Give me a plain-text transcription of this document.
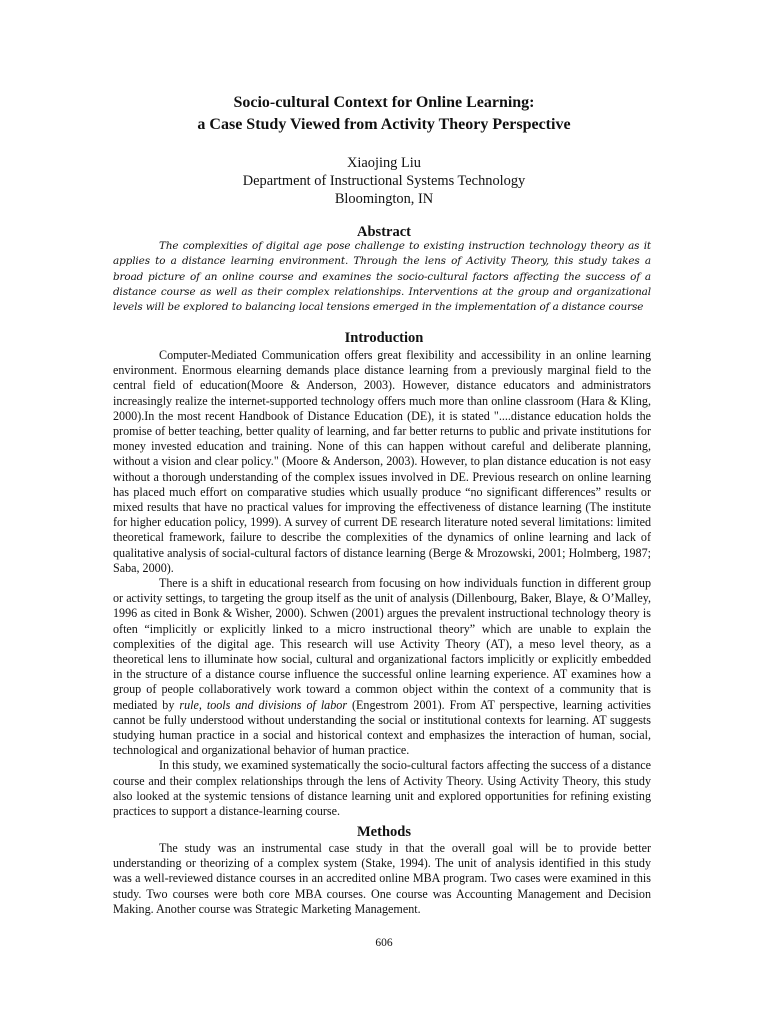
Socio-cultural Context for Online Learning:
a Case Study Viewed from Activity Theory Perspective
Xiaojing Liu
Department of Instructional Systems Technology
Bloomington, IN
Abstract

The complexities of digital age pose challenge to existing instruction technology theory as it applies to a distance learning environment. Through the lens of Activity Theory, this study takes a broad picture of an online course and examines the socio-cultural factors affecting the success of a distance course as well as their complex relationships. Interventions at the group and organizational levels will be explored to balancing local tensions emerged in the implementation of a distance course

Introduction

Computer-Mediated Communication offers great flexibility and accessibility in an online learning environment. Enormous elearning demands place distance learning from a previously marginal field to the central field of education(Moore & Anderson, 2003). However, distance educators and administrators increasingly realize the internet-supported technology offers much more than online classroom (Hara & Kling, 2000).In the most recent Handbook of Distance Education (DE), it is stated "....distance education holds the promise of better teaching, better quality of learning, and far better returns to public and private institutions for money invested education and training. None of this can happen without careful and deliberate planning, without a vision and clear policy." (Moore & Anderson, 2003). However, to plan distance education is not easy without a thorough understanding of the complex issues involved in DE. Previous research on online learning has placed much effort on comparative studies which usually produce “no significant differences” results or mixed results that have no practical values for improving the effectiveness of distance learning (The institute for higher education policy, 1999). A survey of current DE research literature noted several limitations: limited theoretical framework, failure to describe the complexities of the dynamics of online learning and lack of qualitative analysis of social-cultural factors of distance learning (Berge & Mrozowski, 2001; Holmberg, 1987; Saba, 2000).

There is a shift in educational research from focusing on how individuals function in different group or activity settings, to targeting the group itself as the unit of analysis (Dillenbourg, Baker, Blaye, & O’Malley, 1996 as cited in Bonk & Wisher, 2000). Schwen (2001) argues the prevalent instructional technology theory is often “implicitly or explicitly linked to a micro instructional theory” which are unable to explain the complexities of the digital age. This research will use Activity Theory (AT), a meso level theory, as a theoretical lens to illuminate how social, cultural and organizational factors implicitly or explicitly embedded in the structure of a distance course influence the successful online learning experience. AT examines how a group of people collaboratively work toward a common object within the context of a community that is mediated by rule, tools and divisions of labor (Engestrom 2001). From AT perspective, learning activities cannot be fully understood without understanding the social or institutional contexts for learning. AT suggests studying human practice in a social and historical context and emphasizes the interaction of human, social, technological and organizational behavior of human practice.

In this study, we examined systematically the socio-cultural factors affecting the success of a distance course and their complex relationships through the lens of Activity Theory. Using Activity Theory, this study also looked at the systemic tensions of distance learning unit and explored opportunities for refining existing practices to support a distance-learning course.

Methods

The study was an instrumental case study in that the overall goal will be to provide better understanding or theorizing of a complex system (Stake, 1994). The unit of analysis identified in this study was a well-reviewed distance courses in an accredited online MBA program. Two cases were examined in this study. Two courses were both core MBA courses. One course was Accounting Management and Decision Making. Another course was Strategic Marketing Management.

606
